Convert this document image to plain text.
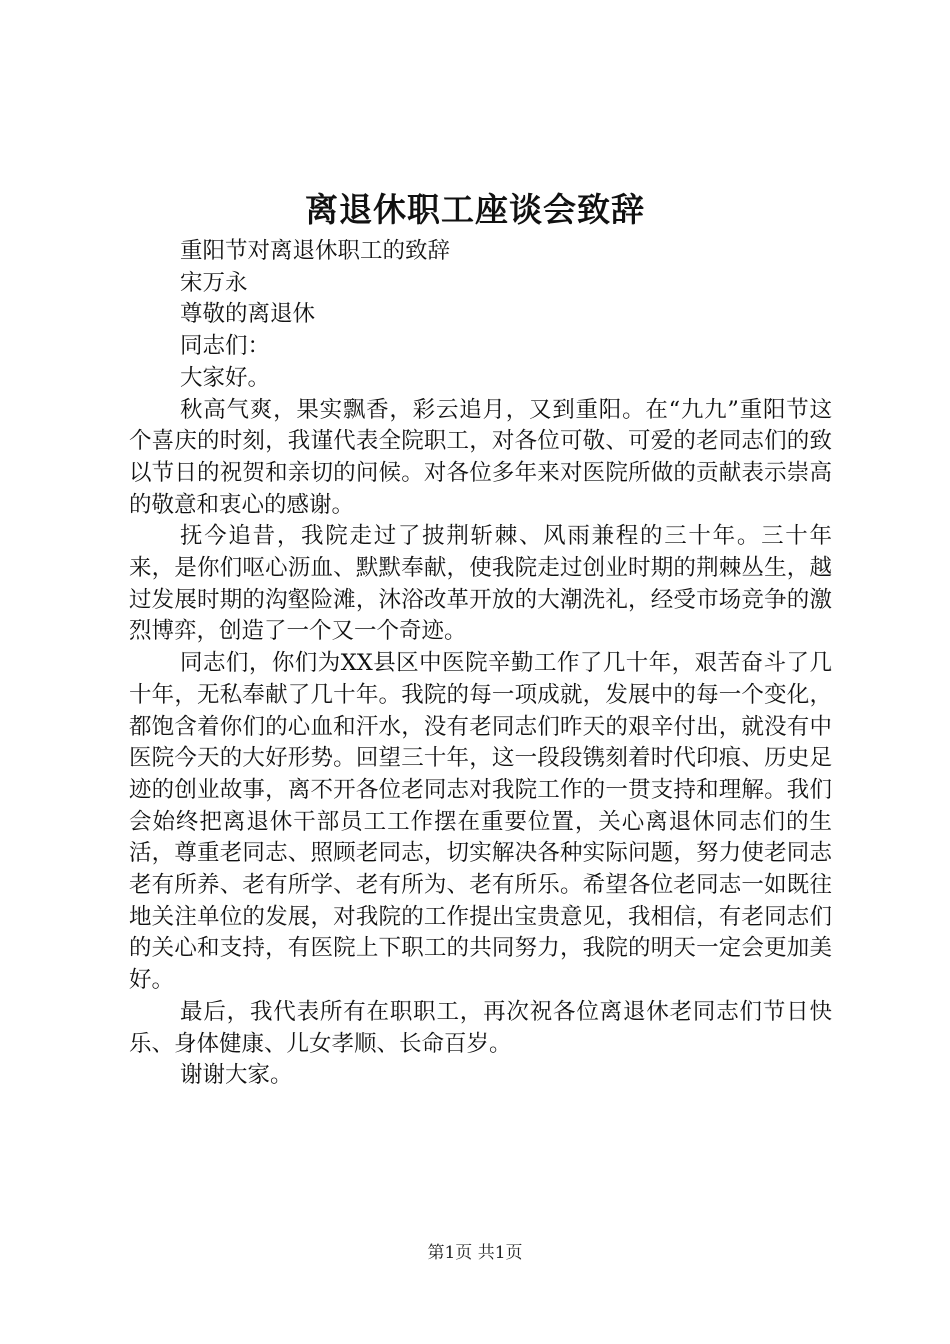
离退休职工座谈会致辞

重阳节对离退休职工的致辞

宋万永

尊敬的离退休

同志们：

大家好。

秋高气爽，果实飘香，彩云追月，又到重阳。在“九九”重阳节这个喜庆的时刻，我谨代表全院职工，对各位可敬、可爱的老同志们的致以节日的祝贺和亲切的问候。对各位多年来对医院所做的贡献表示崇高的敬意和衷心的感谢。

抚今追昔，我院走过了披荆斩棘、风雨兼程的三十年。三十年来，是你们呕心沥血、默默奉献，使我院走过创业时期的荆棘丛生，越过发展时期的沟壑险滩，沐浴改革开放的大潮洗礼，经受市场竞争的激烈博弈，创造了一个又一个奇迹。

同志们，你们为XX县区中医院辛勤工作了几十年，艰苦奋斗了几十年，无私奉献了几十年。我院的每一项成就，发展中的每一个变化，都饱含着你们的心血和汗水，没有老同志们昨天的艰辛付出，就没有中医院今天的大好形势。回望三十年，这一段段镌刻着时代印痕、历史足迹的创业故事，离不开各位老同志对我院工作的一贯支持和理解。我们会始终把离退休干部员工工作摆在重要位置，关心离退休同志们的生活，尊重老同志、照顾老同志，切实解决各种实际问题，努力使老同志老有所养、老有所学、老有所为、老有所乐。希望各位老同志一如既往地关注单位的发展，对我院的工作提出宝贵意见，我相信，有老同志们的关心和支持，有医院上下职工的共同努力，我院的明天一定会更加美好。

最后，我代表所有在职职工，再次祝各位离退休老同志们节日快乐、身体健康、儿女孝顺、长命百岁。

谢谢大家。

第1页 共1页
